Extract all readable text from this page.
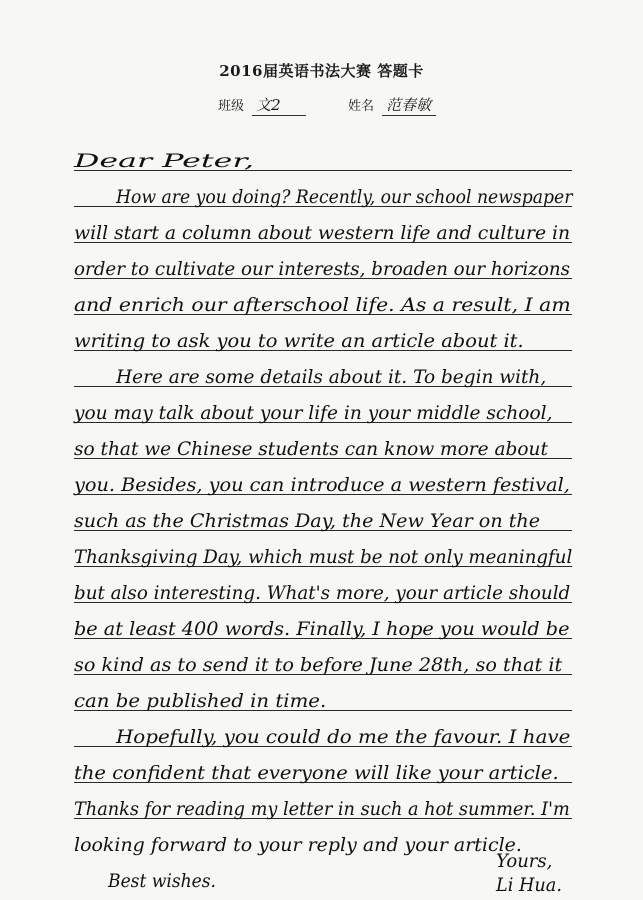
2016届英语书法大赛 答题卡
班级 文2	姓名 范春敏
Dear Peter,
How are you doing? Recently, our school newspaper
will start a column about western life and culture in
order to cultivate our interests, broaden our horizons
and enrich our afterschool life. As a result, I am
writing to ask you to write an article about it.
Here are some details about it. To begin with,
you may talk about your life in your middle school,
so that we Chinese students can know more about
you. Besides, you can introduce a western festival,
such as the Christmas Day, the New Year on the
Thanksgiving Day, which must be not only meaningful
but also interesting. What's more, your article should
be at least 400 words. Finally, I hope you would be
so kind as to send it to before June 28th, so that it
can be published in time.
Hopefully, you could do me the favour. I have
the confident that everyone will like your article.
Thanks for reading my letter in such a hot summer. I'm
looking forward to your reply and your article.
Best wishes.
Yours,
Li Hua.
